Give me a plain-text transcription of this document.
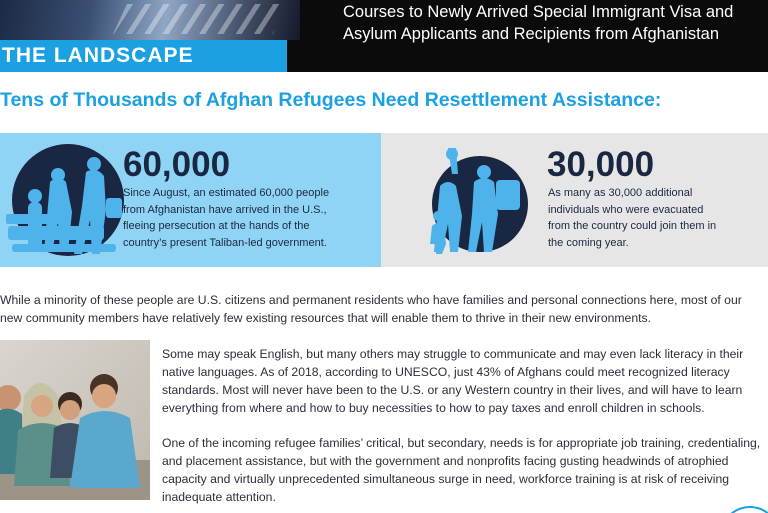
Courses to Newly Arrived Special Immigrant Visa and Asylum Applicants and Recipients from Afghanistan
THE LANDSCAPE
Tens of Thousands of Afghan Refugees Need Resettlement Assistance:
60,000
Since August, an estimated 60,000 people from Afghanistan have arrived in the U.S., fleeing persecution at the hands of the country’s present Taliban-led government.
30,000
As many as 30,000 additional individuals who were evacuated from the country could join them in the coming year.
While a minority of these people are U.S. citizens and permanent residents who have families and personal connections here, most of our new community members have relatively few existing resources that will enable them to thrive in their new environments.
Some may speak English, but many others may struggle to communicate and may even lack literacy in their native languages. As of 2018, according to UNESCO, just 43% of Afghans could meet recognized literacy standards. Most will never have been to the U.S. or any Western country in their lives, and will have to learn everything from where and how to buy necessities to how to pay taxes and enroll children in schools.
One of the incoming refugee families’ critical, but secondary, needs is for appropriate job training, credentialing, and placement assistance, but with the government and nonprofits facing gusting headwinds of atrophied capacity and virtually unprecedented simultaneous surge in need, workforce training is at risk of receiving inadequate attention.
